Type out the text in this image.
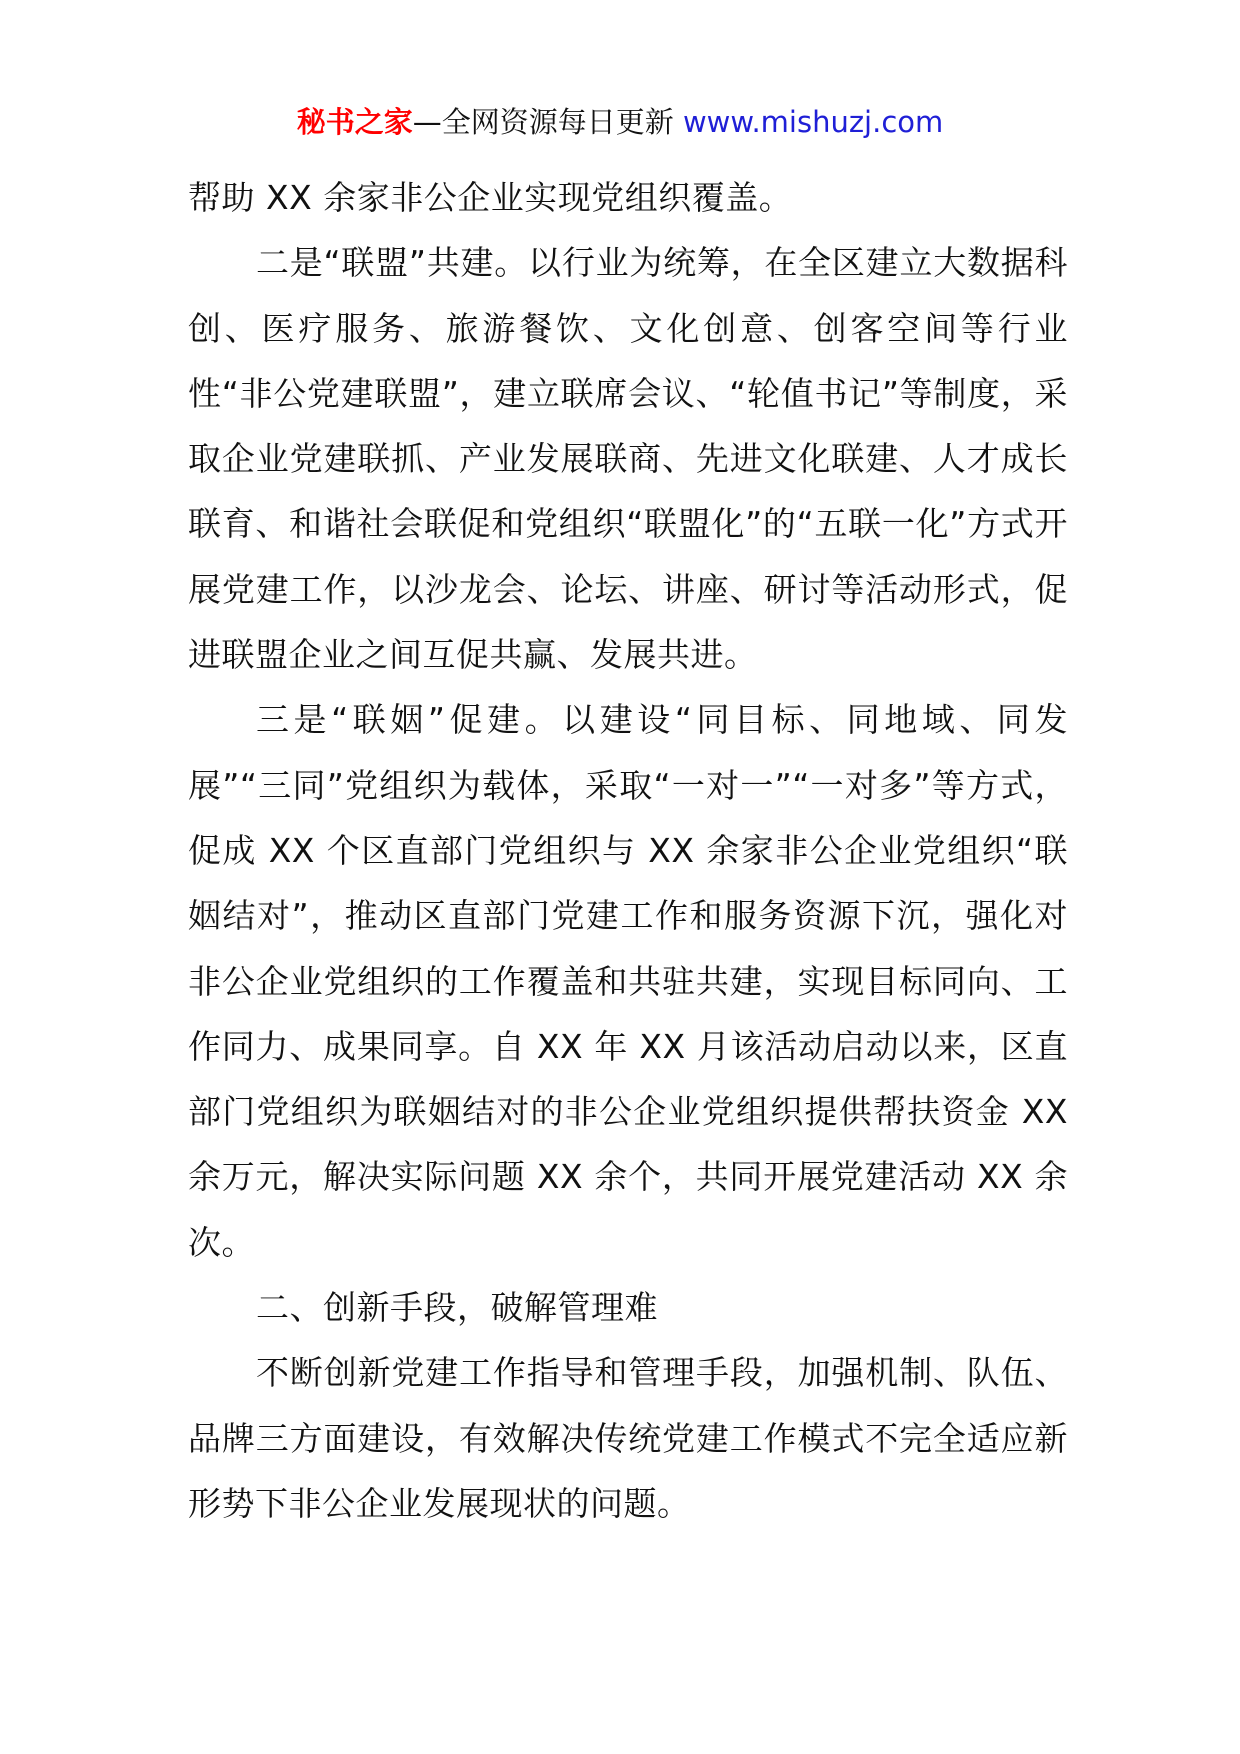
秘书之家—全网资源每日更新 www.mishuzj.com

帮助 XX 余家非公企业实现党组织覆盖。

二是“联盟”共建。以行业为统筹，在全区建立大数据科创、医疗服务、旅游餐饮、文化创意、创客空间等行业性“非公党建联盟”，建立联席会议、“轮值书记”等制度，采取企业党建联抓、产业发展联商、先进文化联建、人才成长联育、和谐社会联促和党组织“联盟化”的“五联一化”方式开展党建工作，以沙龙会、论坛、讲座、研讨等活动形式，促进联盟企业之间互促共赢、发展共进。

三是“联姻”促建。以建设“同目标、同地域、同发展”“三同”党组织为载体，采取“一对一”“一对多”等方式，促成 XX 个区直部门党组织与 XX 余家非公企业党组织“联姻结对”，推动区直部门党建工作和服务资源下沉，强化对非公企业党组织的工作覆盖和共驻共建，实现目标同向、工作同力、成果同享。自 XX 年 XX 月该活动启动以来，区直部门党组织为联姻结对的非公企业党组织提供帮扶资金 XX 余万元，解决实际问题 XX 余个，共同开展党建活动 XX 余次。

二、创新手段，破解管理难

不断创新党建工作指导和管理手段，加强机制、队伍、品牌三方面建设，有效解决传统党建工作模式不完全适应新形势下非公企业发展现状的问题。
